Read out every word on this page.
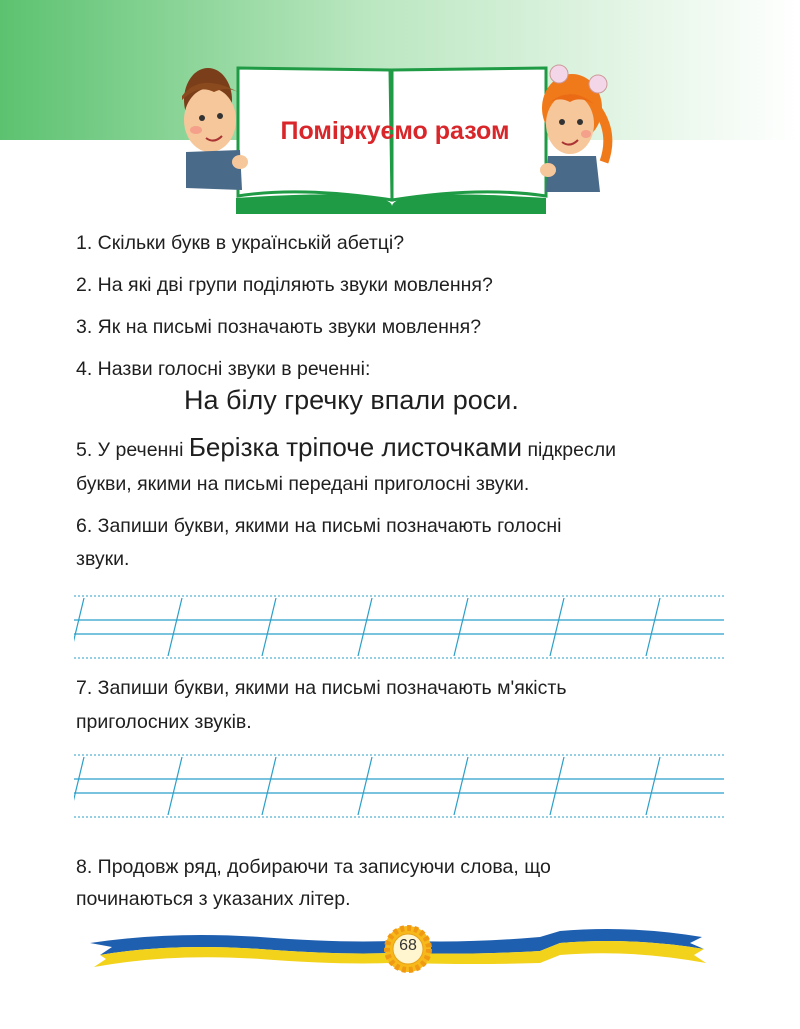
Поміркуємо разом

1. Скільки букв в українській абетці?

2. На які дві групи поділяють звуки мовлення?

3. Як на письмі позначають звуки мовлення?

4. Назви голосні звуки в реченні:

На білу гречку впали роси.

5. У реченні Берізка тріпоче листочками підкресли

букви, якими на письмі передані приголосні звуки.

6. Запиши букви, якими на письмі позначають голосні

звуки.

7. Запиши букви, якими на письмі позначають м'якість

приголосних звуків.

8. Продовж ряд, добираючи та записуючи слова, що

починаються з указаних літер.

68
